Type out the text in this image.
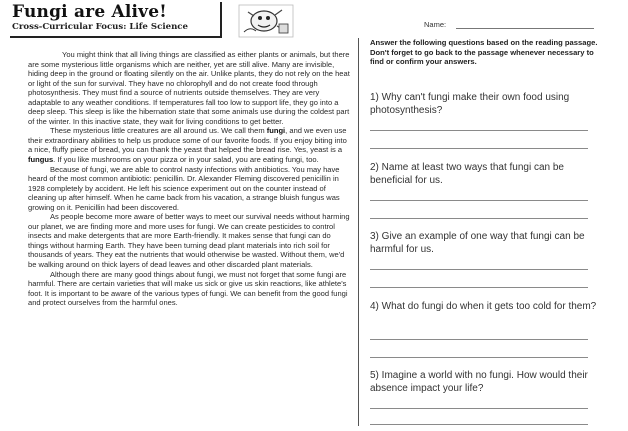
Fungi are Alive!
Cross-Curricular Focus: Life Science	Name:

You might think that all living things are classified as either plants or animals, but there are some mysterious little organisms which are neither, yet are still alive. Many are invisible, hiding deep in the ground or floating silently on the air. Unlike plants, they do not rely on the heat or light of the sun for survival. They have no chlorophyll and do not create food through photosynthesis. They must find a source of nutrients outside themselves. They are very adaptable to any weather conditions. If temperatures fall too low to support life, they go into a deep sleep. This sleep is like the hibernation state that some animals use during the coldest part of the winter. In this inactive state, they wait for living conditions to get better.

These mysterious little creatures are all around us. We call them fungi, and we even use their extraordinary abilities to help us produce some of our favorite foods. If you enjoy biting into a nice, fluffy piece of bread, you can thank the yeast that helped the bread rise. Yes, yeast is a fungus. If you like mushrooms on your pizza or in your salad, you are eating fungi, too.

Because of fungi, we are able to control nasty infections with antibiotics. You may have heard of the most common antibiotic: penicillin. Dr. Alexander Fleming discovered penicillin in 1928 completely by accident. He left his science experiment out on the counter instead of cleaning up after himself. When he came back from his vacation, a strange bluish fungus was growing on it. Penicillin had been discovered.

As people become more aware of better ways to meet our survival needs without harming our planet, we are finding more and more uses for fungi. We can create pesticides to control insects and make detergents that are more Earth-friendly. It makes sense that fungi can do things without harming Earth. They have been turning dead plant materials into rich soil for thousands of years. They eat the nutrients that would otherwise be wasted. Without them, we'd be walking around on thick layers of dead leaves and other discarded plant materials.

Although there are many good things about fungi, we must not forget that some fungi are harmful. There are certain varieties that will make us sick or give us skin reactions, like athlete's foot. It is important to be aware of the various types of fungi. We can benefit from the good fungi and protect ourselves from the harmful ones.

Answer the following questions based on the reading passage. Don't forget to go back to the passage whenever necessary to find or confirm your answers.
1) Why can't fungi make their own food using photosynthesis?
2) Name at least two ways that fungi can be beneficial for us.
3) Give an example of one way that fungi can be harmful for us.
4) What do fungi do when it gets too cold for them?
5) Imagine a world with no fungi. How would their absence impact your life?
